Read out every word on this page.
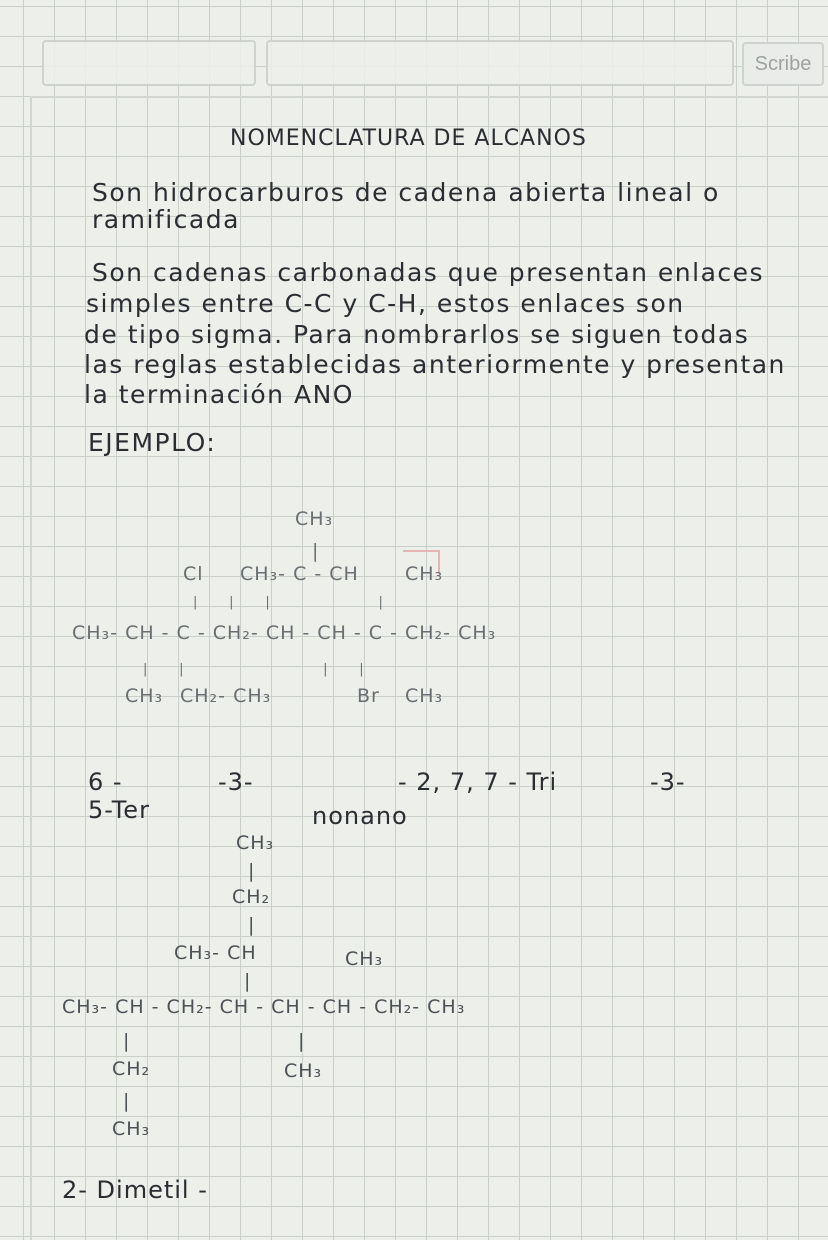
Scribe
NOMENCLATURA DE ALCANOS
Son hidrocarburos de cadena abierta lineal o
ramificada
Son cadenas carbonadas que presentan enlaces
simples entre C-C y C-H, estos enlaces son
de tipo sigma. Para nombrarlos se siguen todas
las reglas establecidas anteriormente y presentan
la terminación ANO
EJEMPLO:
CH₃
|
Cl CH₃- C - CH CH₃
|      |      |                     |
CH₃- CH - C - CH₂- CH - CH - C - CH₂- CH₃
|      |                           |      |
CH₃ CH₂- CH₃	Br CH₃
6 -	-3-	- 2, 7, 7 - Tri	-3-
5-Ter	nonano
CH₃
|
CH₂
|
CH₃- CH	CH₃
|
CH₃- CH - CH₂- CH - CH - CH - CH₂- CH₃
|
CH₂
|
CH₃
|
CH₃
2- Dimetil -
